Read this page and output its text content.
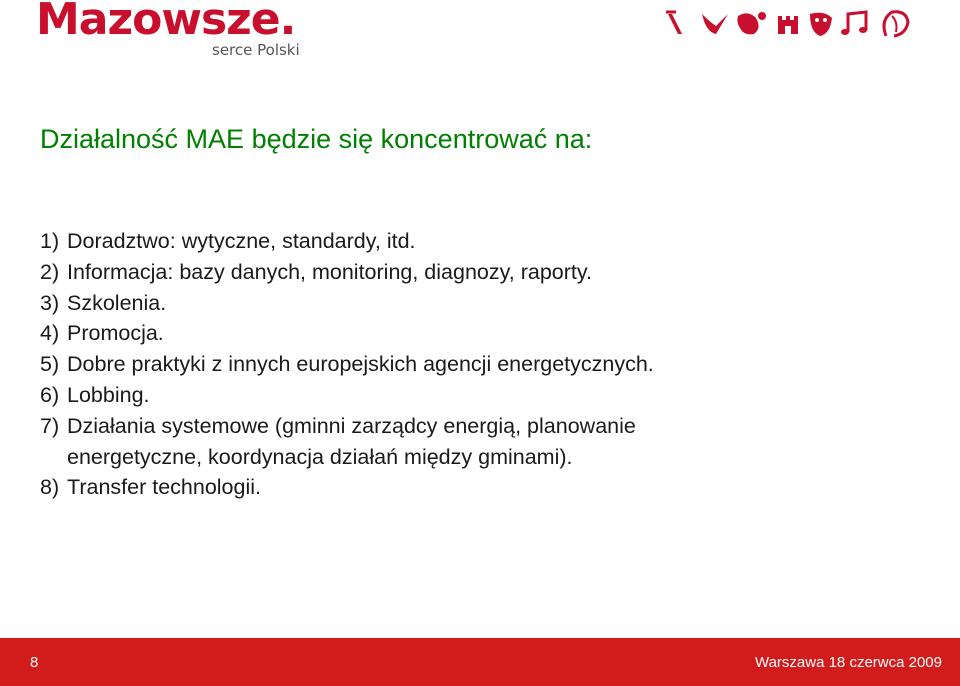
Mazowsze.
serce Polski
Działalność MAE będzie się koncentrować na:
1) Doradztwo: wytyczne, standardy, itd.
2) Informacja: bazy danych, monitoring, diagnozy, raporty.
3) Szkolenia.
4) Promocja.
5) Dobre praktyki z innych europejskich agencji energetycznych.
6) Lobbing.
7) Działania systemowe (gminni zarządcy energią, planowanie
energetyczne, koordynacja działań między gminami).
8) Transfer technologii.
8	Warszawa 18 czerwca 2009
